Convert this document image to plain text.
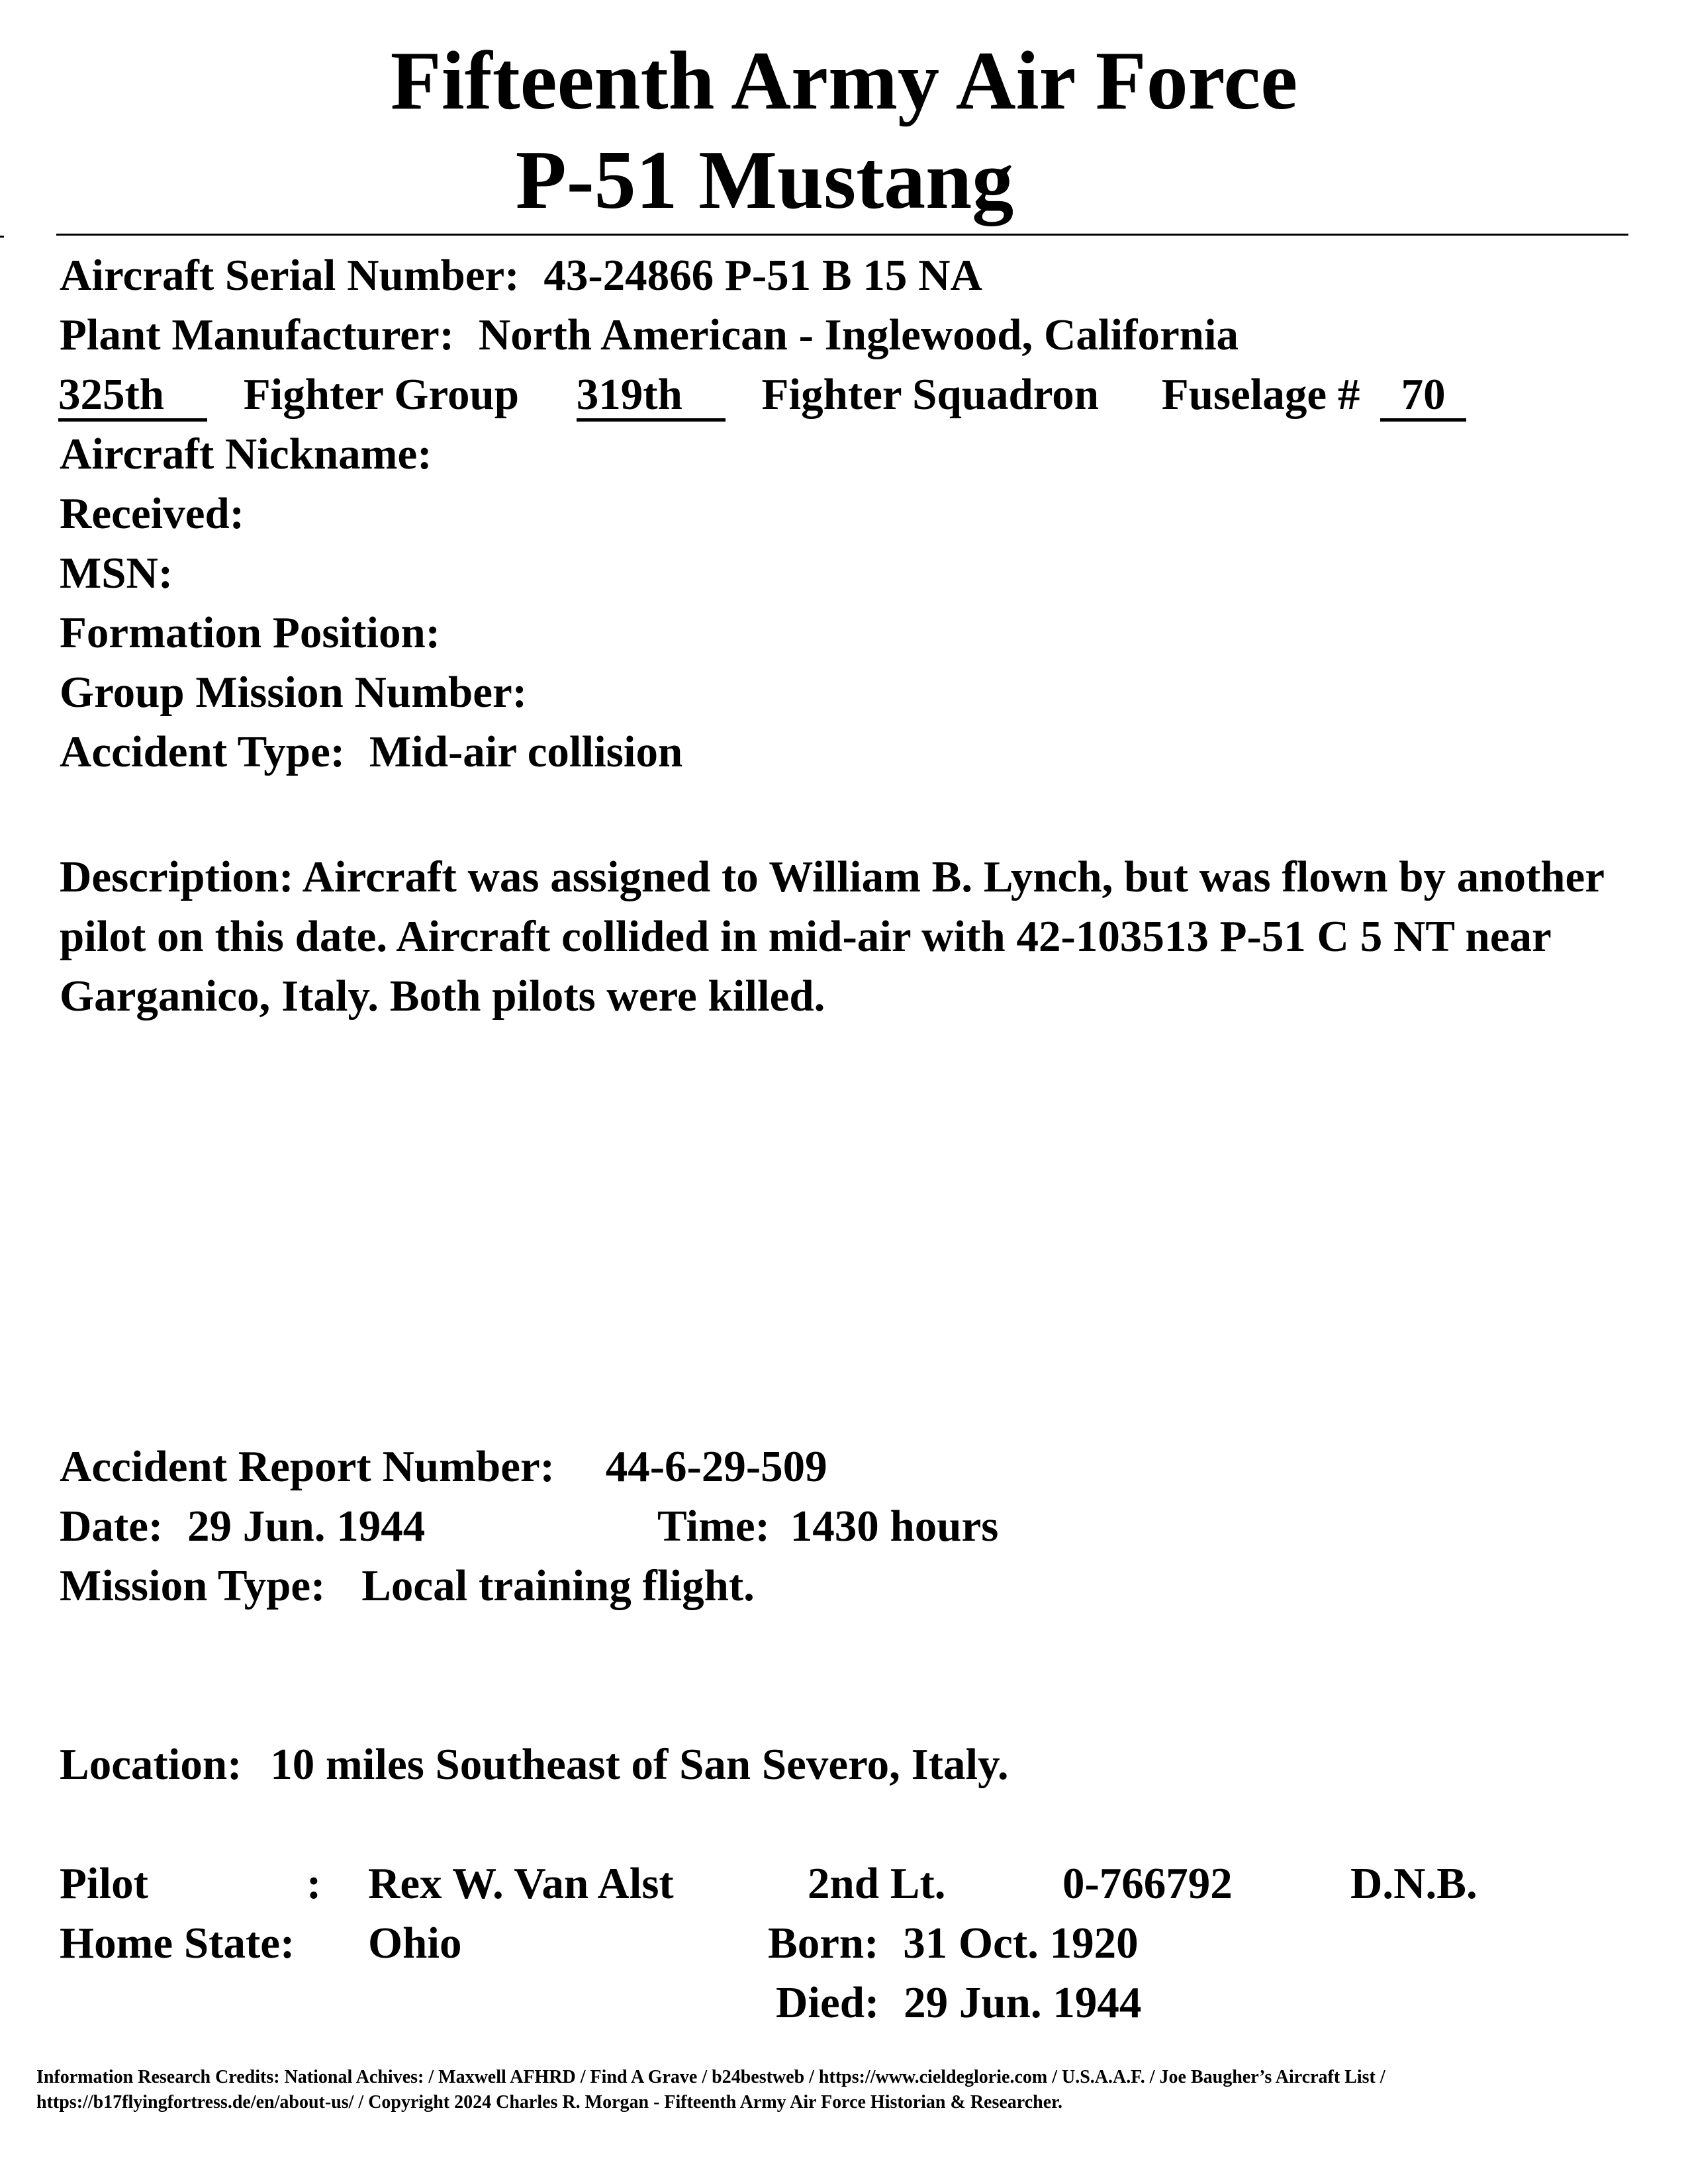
Fifteenth Army Air Force
P-51 Mustang
Aircraft Serial Number: 43-24866 P-51 B 15 NA
Plant Manufacturer: North American - Inglewood, California
325th Fighter Group 319th Fighter Squadron Fuselage # 70
Aircraft Nickname:
Received:
MSN:
Formation Position:
Group Mission Number:
Accident Type: Mid-air collision
Description: Aircraft was assigned to William B. Lynch, but was flown by another pilot on this date. Aircraft collided in mid-air with 42-103513 P-51 C 5 NT near Garganico, Italy. Both pilots were killed.
Accident Report Number: 44-6-29-509
Date: 29 Jun. 1944	Time: 1430 hours
Mission Type: Local training flight.
Location: 10 miles Southeast of San Severo, Italy.
Pilot	: Rex W. Van Alst	2nd Lt.	0-766792	D.N.B.
Home State: Ohio	Born: 31 Oct. 1920
Died: 29 Jun. 1944
Information Research Credits: National Achives: / Maxwell AFHRD / Find A Grave / b24bestweb / https://www.cieldeglorie.com / U.S.A.A.F. / Joe Baugher’s Aircraft List / https://b17flyingfortress.de/en/about-us/ / Copyright 2024 Charles R. Morgan - Fifteenth Army Air Force Historian & Researcher.
